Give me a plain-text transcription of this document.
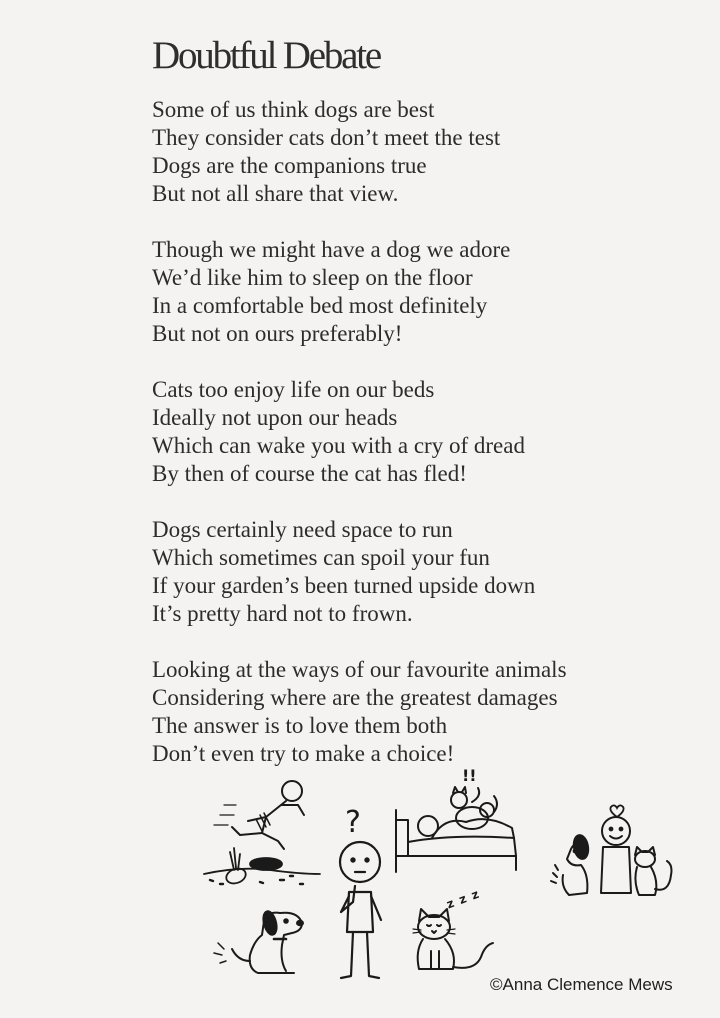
Doubtful Debate
Some of us think dogs are best
They consider cats don’t meet the test
Dogs are the companions true
But not all share that view.
Though we might have a dog we adore
We’d like him to sleep on the floor
In a comfortable bed most definitely
But not on ours preferably!
Cats too enjoy life on our beds
Ideally not upon our heads
Which can wake you with a cry of dread
By then of course the cat has fled!
Dogs certainly need space to run
Which sometimes can spoil your fun
If your garden’s been turned upside down
It’s pretty hard not to frown.
Looking at the ways of our favourite animals
Considering where are the greatest damages
The answer is to love them both
Don’t even try to make a choice!
?
!!
z z z
©Anna Clemence Mews
